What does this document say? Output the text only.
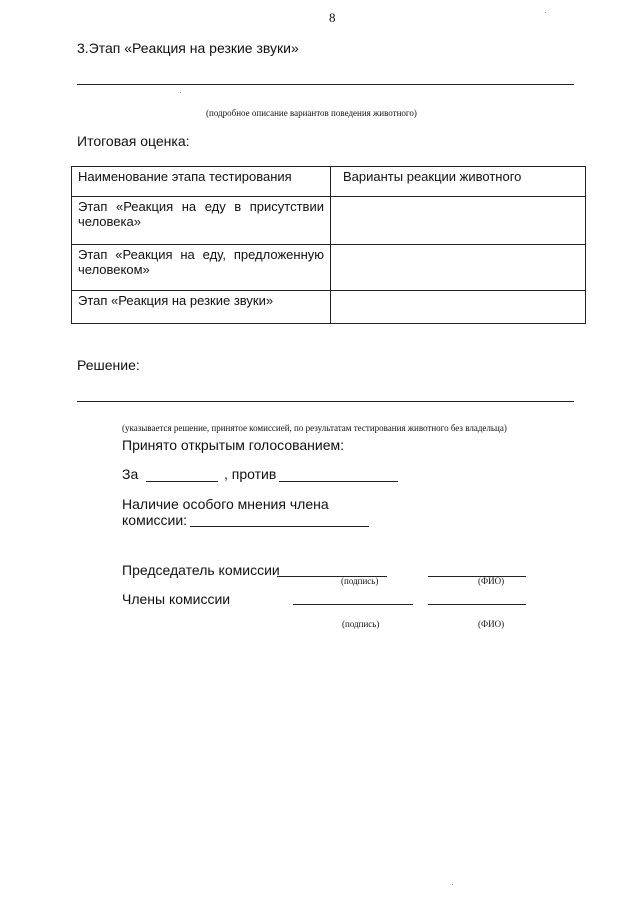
8
3.Этап «Реакция на резкие звуки»
(подробное описание вариантов поведения животного)
Итоговая оценка:
Наименование этапа тестирования	Варианты реакции животного
Этап «Реакция на еду в присутствии человека»	
Этап «Реакция на еду, предложенную человеком»	
Этап «Реакция на резкие звуки»	
Решение:
(указывается решение, принятое комиссией, по результатам тестирования животного без владельца)
Принято открытым голосованием:
За	, против
Наличие особого мнения члена
комиссии:
Председатель комиссии
(подпись)	(ФИО)
Члены комиссии
(подпись)	(ФИО)
